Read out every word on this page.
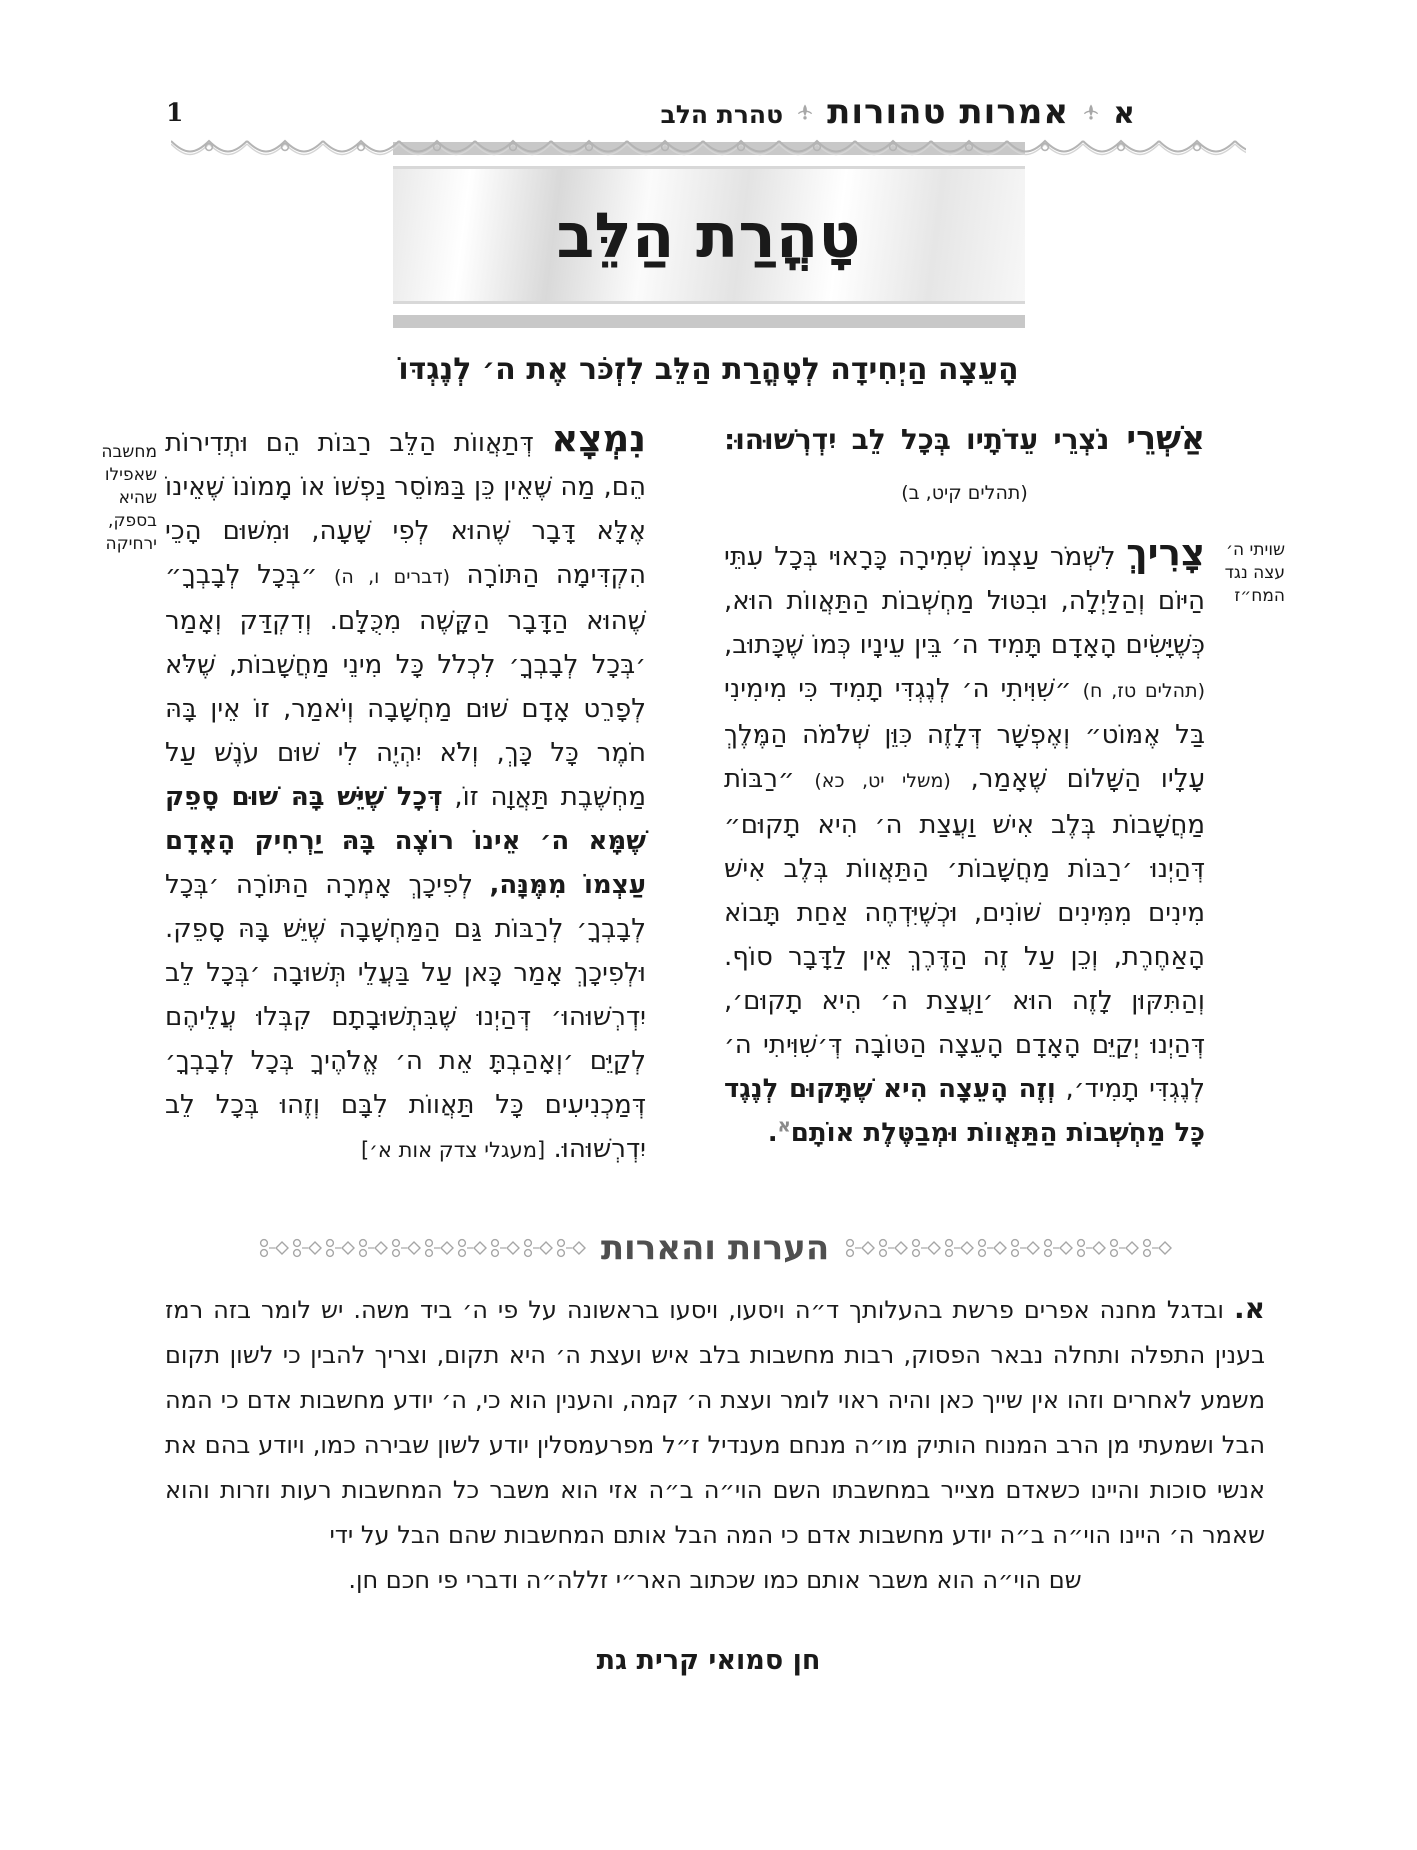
1	א
אמרות טהורות
טהרת הלב
טָהֳרַת הַלֵּב
הָעֵצָה הַיְחִידָה לְטָהֳרַת הַלֵּב לִזְכֹּר אֶת ה׳ לְנֶגְדּוֹ
שויתי ה׳
עצה נגד
המח״ז
מחשבה
שאפילו
שהיא
בספק,
ירחיקה
אַשְׁרֵי נֹצְרֵי עֵדֹתָיו בְּכָל לֵב יִדְרְשׁוּהוּ:
(תהלים קיט, ב)
צָרִיךְ לִשְׁמֹר עַצְמוֹ שְׁמִירָה כָּרָאוּי בְּכָל עִתֵּי הַיּוֹם וְהַלַּיְלָה, וּבִטּוּל מַחְשְׁבוֹת הַתַּאֲווֹת הוּא, כְּשֶׁיָּשִׂים הָאָדָם תָּמִיד ה׳ בֵּין עֵינָיו כְּמוֹ שֶׁכָּתוּב, (תהלים טז, ח) ״שִׁוִּיתִי ה׳ לְנֶגְדִּי תָמִיד כִּי מִימִינִי בַּל אֶמּוֹט״ וְאֶפְשָׁר דְּלָזֶה כִּוֵּן שְׁלֹמֹה הַמֶּלֶךְ עָלָיו הַשָּׁלוֹם שֶׁאָמַר, (משלי יט, כא) ״רַבּוֹת מַחֲשָׁבוֹת בְּלֶב אִישׁ וַעֲצַת ה׳ הִיא תָקוּם״ דְּהַיְנוּ ׳רַבּוֹת מַחֲשָׁבוֹת׳ הַתַּאֲווֹת בְּלֶב אִישׁ מִינִים מִמִּינִים שׁוֹנִים, וּכְשֶׁיִּדְחֶה אַחַת תָּבוֹא הָאַחֶרֶת, וְכֵן עַל זֶה הַדֶּרֶךְ אֵין לַדָּבָר סוֹף. וְהַתִּקּוּן לָזֶה הוּא ׳וַעֲצַת ה׳ הִיא תָקוּם׳, דְּהַיְנוּ יְקַיֵּם הָאָדָם הָעֵצָה הַטּוֹבָה דְּ׳שִׁוִּיתִי ה׳ לְנֶגְדִּי תָמִיד׳, וְזֶה הָעֵצָה הִיא שֶׁתָּקוּם לְנֶגֶד כָּל מַחְשְׁבוֹת הַתַּאֲווֹת וּמְבַטֶּלֶת אוֹתָם$^א$.
נִמְצָא דְּתַאֲווֹת הַלֵּב רַבּוֹת הֵם וּתְדִירוֹת הֵם, מַה שֶּׁאֵין כֵּן בַּמּוֹסֵר נַפְשׁוֹ אוֹ מָמוֹנוֹ שֶׁאֵינוֹ אֶלָּא דָּבָר שֶׁהוּא לְפִי שָׁעָה, וּמִשּׁוּם הָכֵי הִקְדִּימָה הַתּוֹרָה (דברים ו, ה) ״בְּכָל לְבָבְךָ״ שֶׁהוּא הַדָּבָר הַקָּשֶׁה מִכֻּלָּם. וְדִקְדַּק וְאָמַר ׳בְּכָל לְבָבְךָ׳ לִכְלֹל כָּל מִינֵי מַחֲשָׁבוֹת, שֶׁלֹּא לְפָרֵט אָדָם שׁוּם מַחְשָׁבָה וְיֹאמַר, זוֹ אֵין בָּהּ חֹמֶר כָּל כָּךְ, וְלֹא יִהְיֶה לִי שׁוּם עֹנֶשׁ עַל מַחְשֶׁבֶת תַּאֲוָה זוֹ, דְּכָל שֶׁיֵּשׁ בָּהּ שׁוּם סָפֵק שֶׁמָּא ה׳ אֵינוֹ רוֹצֶה בָּהּ יַרְחִיק הָאָדָם עַצְמוֹ מִמֶּנָּה, לְפִיכָךְ אָמְרָה הַתּוֹרָה ׳בְּכָל לְבָבְךָ׳ לְרַבּוֹת גַּם הַמַּחְשָׁבָה שֶׁיֵּשׁ בָּהּ סָפֵק. וּלְפִיכָךְ אָמַר כָּאן עַל בַּעֲלֵי תְּשׁוּבָה ׳בְּכָל לֵב יִדְרְשׁוּהוּ׳ דְּהַיְנוּ שֶׁבִּתְשׁוּבָתָם קִבְּלוּ עֲלֵיהֶם לְקַיֵּם ׳וְאָהַבְתָּ אֵת ה׳ אֱלֹהֶיךָ בְּכָל לְבָבְךָ׳ דְּמַכְנִיעִים כָּל תַּאֲווֹת לִבָּם וְזֶהוּ בְּכָל לֵב יִדְרְשׁוּהוּ. [מעגלי צדק אות א׳]
הערות והארות
א. ובדגל מחנה אפרים פרשת בהעלותך ד״ה ויסעו, ויסעו בראשונה על פי ה׳ ביד משה. יש לומר בזה רמז בענין התפלה ותחלה נבאר הפסוק, רבות מחשבות בלב איש ועצת ה׳ היא תקום, וצריך להבין כי לשון תקום משמע לאחרים וזהו אין שייך כאן והיה ראוי לומר ועצת ה׳ קמה, והענין הוא כי, ה׳ יודע מחשבות אדם כי המה הבל ושמעתי מן הרב המנוח הותיק מו״ה מנחם מענדיל ז״ל מפרעמסלין יודע לשון שבירה כמו, ויודע בהם את אנשי סוכות והיינו כשאדם מצייר במחשבתו השם הוי״ה ב״ה אזי הוא משבר כל המחשבות רעות וזרות והוא שאמר ה׳ היינו הוי״ה ב״ה יודע מחשבות אדם כי המה הבל אותם המחשבות שהם הבל על ידי
שם הוי״ה הוא משבר אותם כמו שכתוב האר״י זללה״ה ודברי פי חכם חן.
חן סמואי קרית גת
